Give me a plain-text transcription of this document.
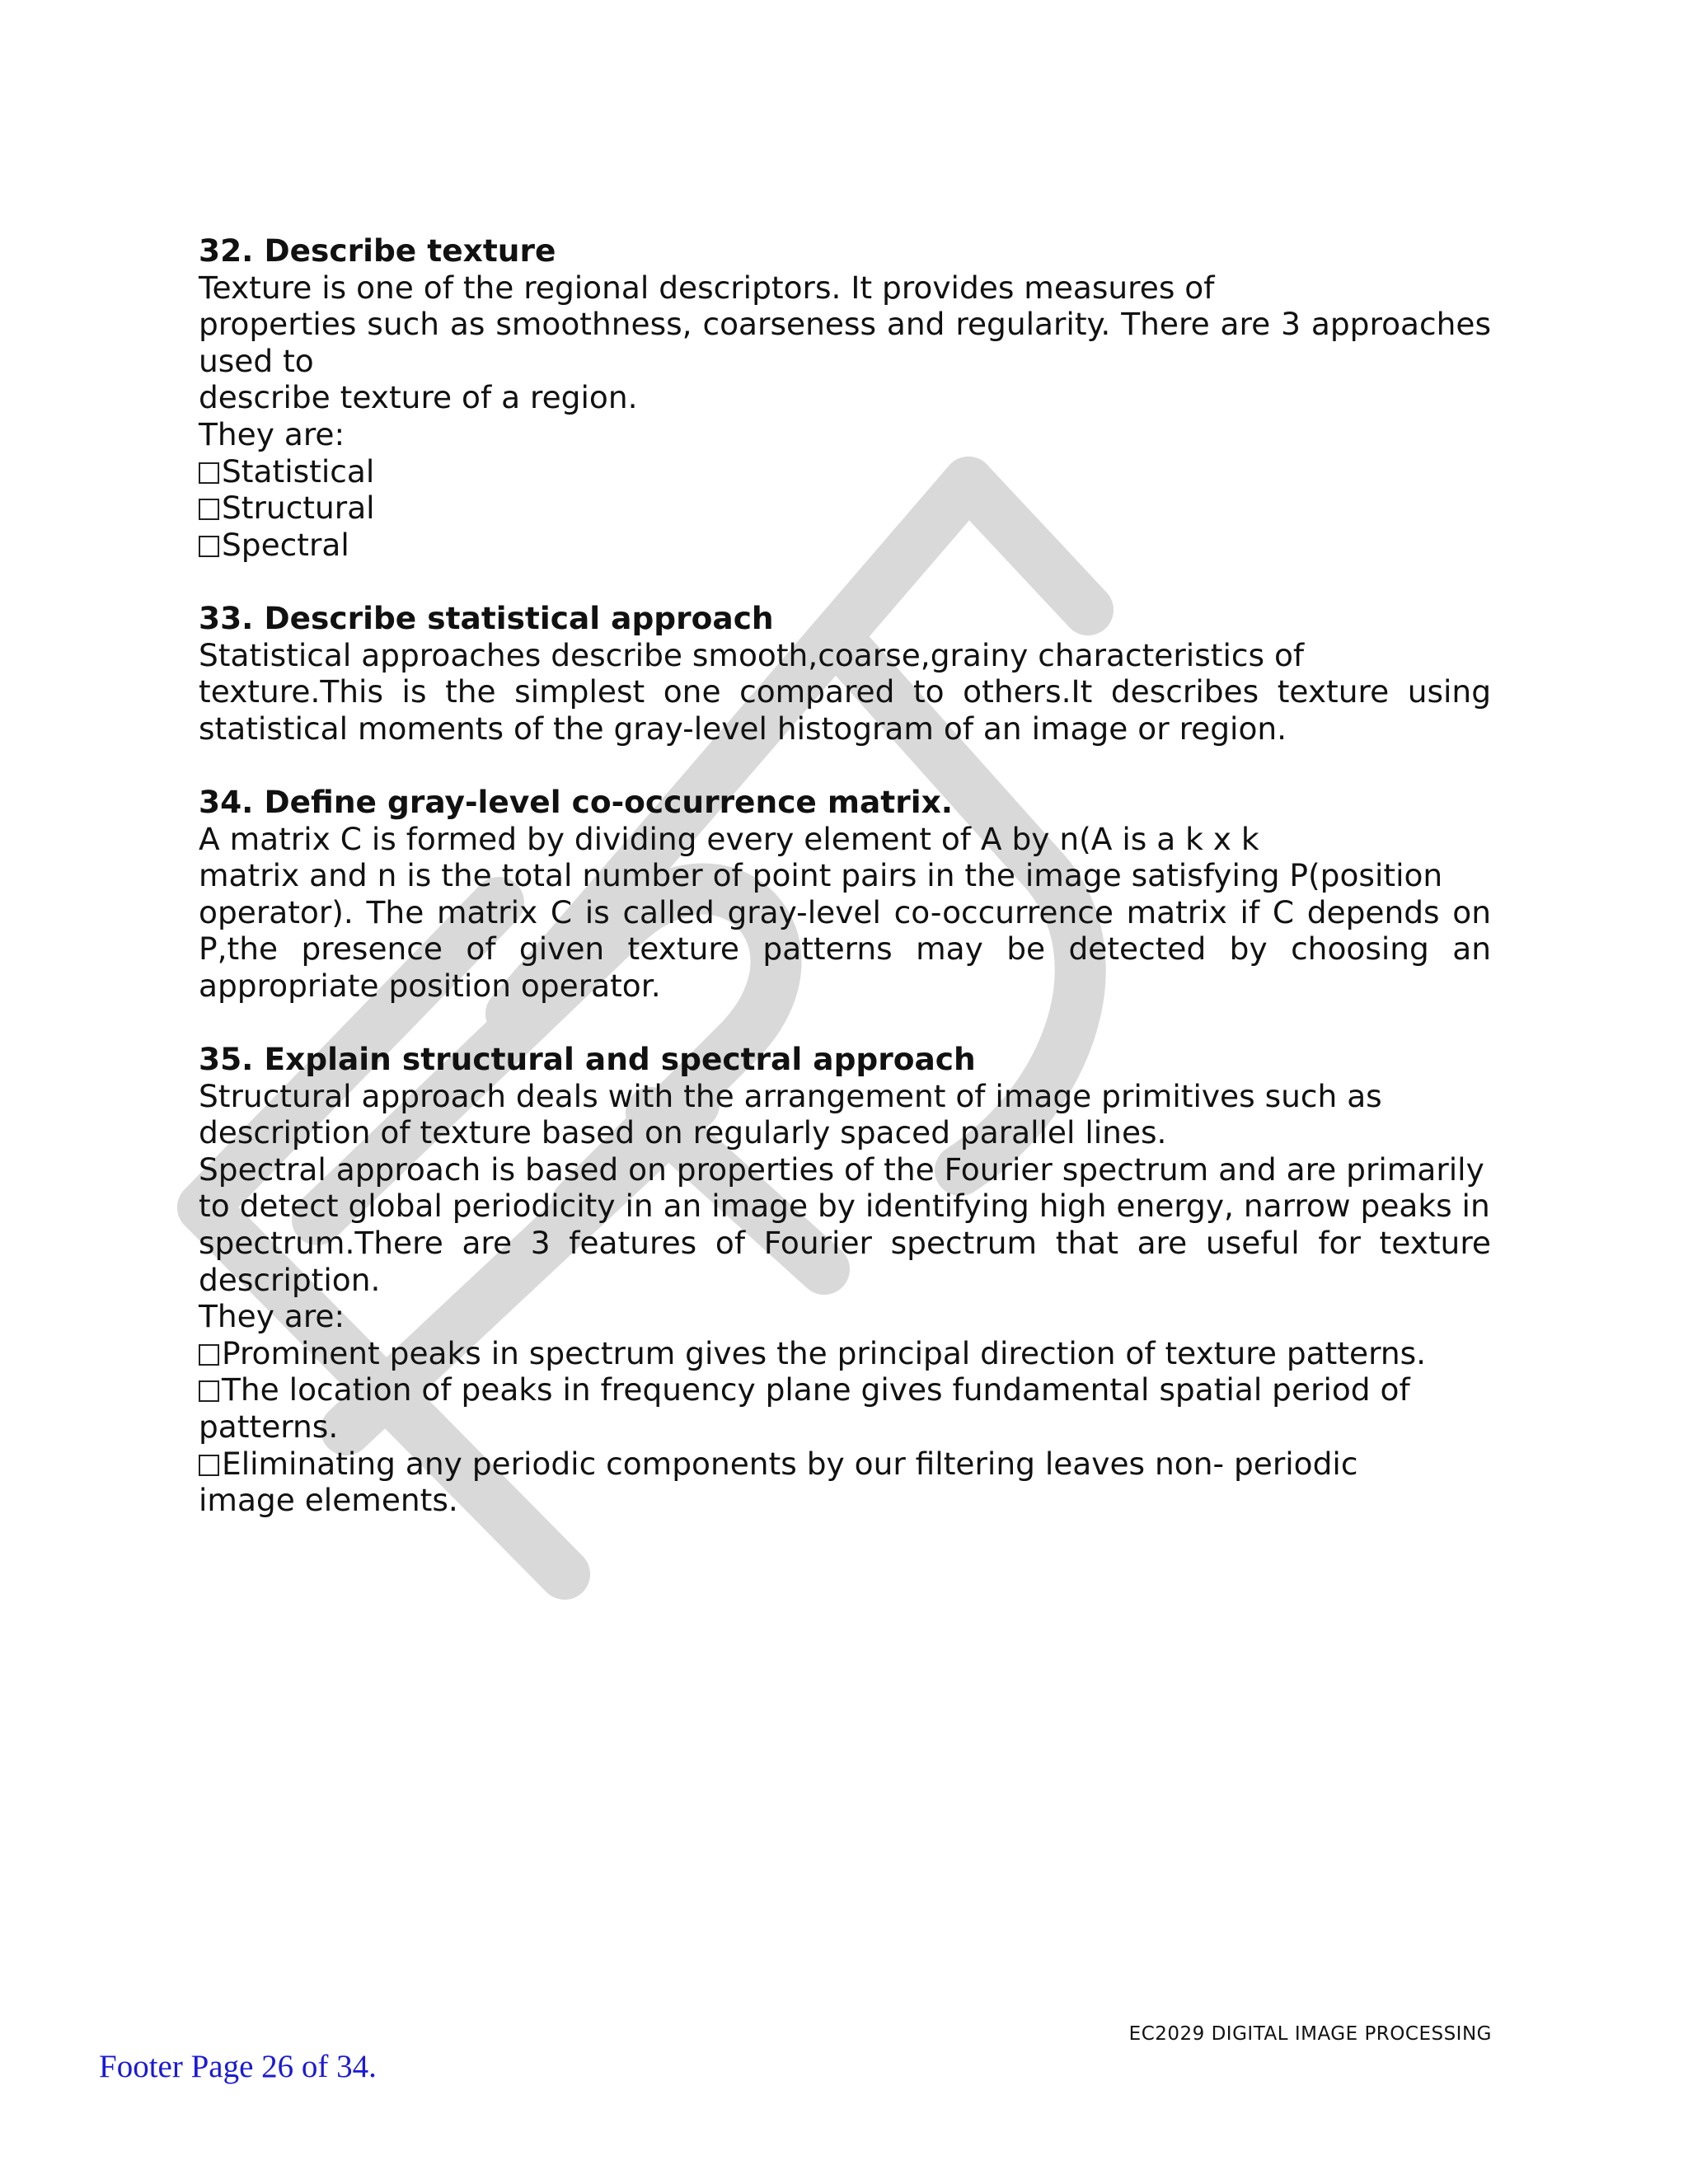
32. Describe texture

Texture is one of the regional descriptors. It provides measures of

properties such as smoothness, coarseness and regularity. There are 3 approaches

used to

describe texture of a region.

They are:

Statistical

Structural

Spectral

33. Describe statistical approach

Statistical approaches describe smooth,coarse,grainy characteristics of

texture.This is the simplest one compared to others.It describes texture using

statistical moments of the gray-level histogram of an image or region.

34. Define gray-level co-occurrence matrix.

A matrix C is formed by dividing every element of A by n(A is a k x k

matrix and n is the total number of point pairs in the image satisfying P(position

operator). The matrix C is called gray-level co-occurrence matrix if C depends on

P,the presence of given texture patterns may be detected by choosing an

appropriate position operator.

35. Explain structural and spectral approach

Structural approach deals with the arrangement of image primitives such as

description of texture based on regularly spaced parallel lines.

Spectral approach is based on properties of the Fourier spectrum and are primarily

to detect global periodicity in an image by identifying high energy, narrow peaks in

spectrum.There are 3 features of Fourier spectrum that are useful for texture

description.

They are:

Prominent peaks in spectrum gives the principal direction of texture patterns.

The location of peaks in frequency plane gives fundamental spatial period of

patterns.

Eliminating any periodic components by our filtering leaves non- periodic

image elements.

EC2029 DIGITAL IMAGE PROCESSING
Footer Page 26 of 34.
